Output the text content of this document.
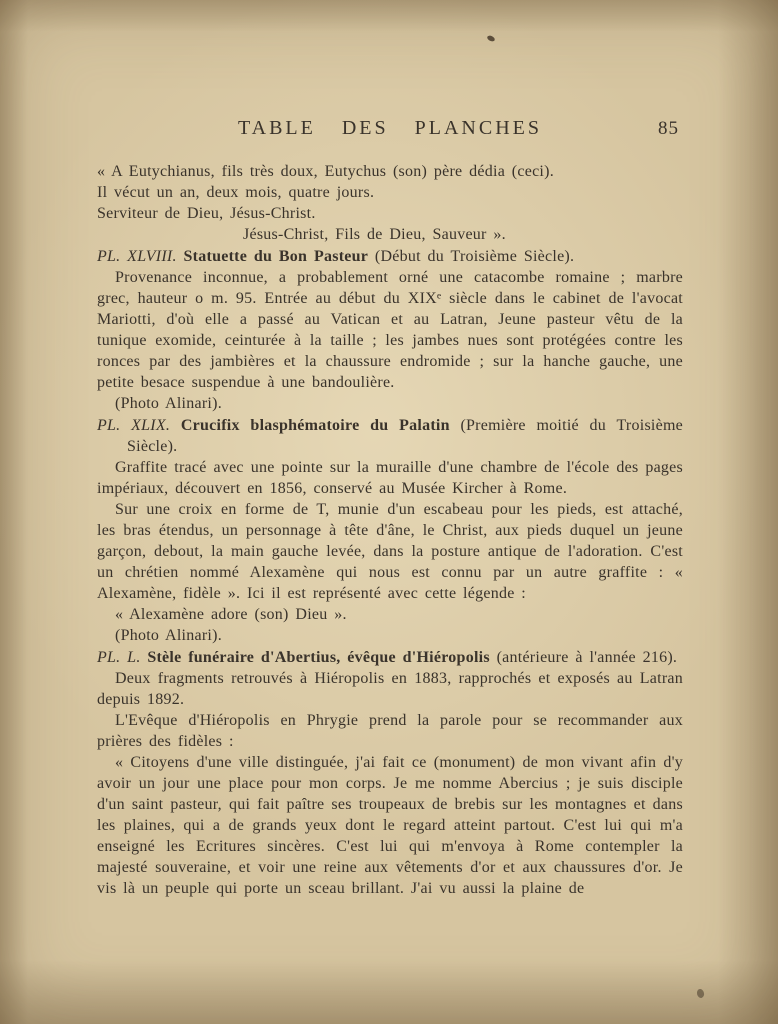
TABLE DES PLANCHES	85

« A Eutychianus, fils très doux, Eutychus (son) père dédia (ceci).

Il vécut un an, deux mois, quatre jours.

Serviteur de Dieu, Jésus-Christ.

Jésus-Christ, Fils de Dieu, Sauveur ».

PL. XLVIII. Statuette du Bon Pasteur (Début du Troisième Siècle).

Provenance inconnue, a probablement orné une catacombe romaine ; marbre grec, hauteur o m. 95. Entrée au début du XIXᵉ siècle dans le cabinet de l'avocat Mariotti, d'où elle a passé au Vatican et au Latran, Jeune pasteur vêtu de la tunique exomide, ceinturée à la taille ; les jambes nues sont protégées contre les ronces par des jambières et la chaussure endromide ; sur la hanche gauche, une petite besace suspendue à une bandoulière.

(Photo Alinari).

PL. XLIX. Crucifix blasphématoire du Palatin (Première moitié du Troisième Siècle).

Graffite tracé avec une pointe sur la muraille d'une chambre de l'école des pages impériaux, découvert en 1856, conservé au Musée Kircher à Rome.

Sur une croix en forme de T, munie d'un escabeau pour les pieds, est attaché, les bras étendus, un personnage à tête d'âne, le Christ, aux pieds duquel un jeune garçon, debout, la main gauche levée, dans la posture antique de l'adoration. C'est un chrétien nommé Alexamène qui nous est connu par un autre graffite : « Alexamène, fidèle ». Ici il est représenté avec cette légende :

« Alexamène adore (son) Dieu ».

(Photo Alinari).

PL. L. Stèle funéraire d'Abertius, évêque d'Hiéropolis (antérieure à l'année 216).

Deux fragments retrouvés à Hiéropolis en 1883, rapprochés et exposés au Latran depuis 1892.

L'Evêque d'Hiéropolis en Phrygie prend la parole pour se recommander aux prières des fidèles :

« Citoyens d'une ville distinguée, j'ai fait ce (monument) de mon vivant afin d'y avoir un jour une place pour mon corps. Je me nomme Abercius ; je suis disciple d'un saint pasteur, qui fait paître ses troupeaux de brebis sur les montagnes et dans les plaines, qui a de grands yeux dont le regard atteint partout. C'est lui qui m'a enseigné les Ecritures sincères. C'est lui qui m'envoya à Rome contempler la majesté souveraine, et voir une reine aux vêtements d'or et aux chaussures d'or. Je vis là un peuple qui porte un sceau brillant. J'ai vu aussi la plaine de
